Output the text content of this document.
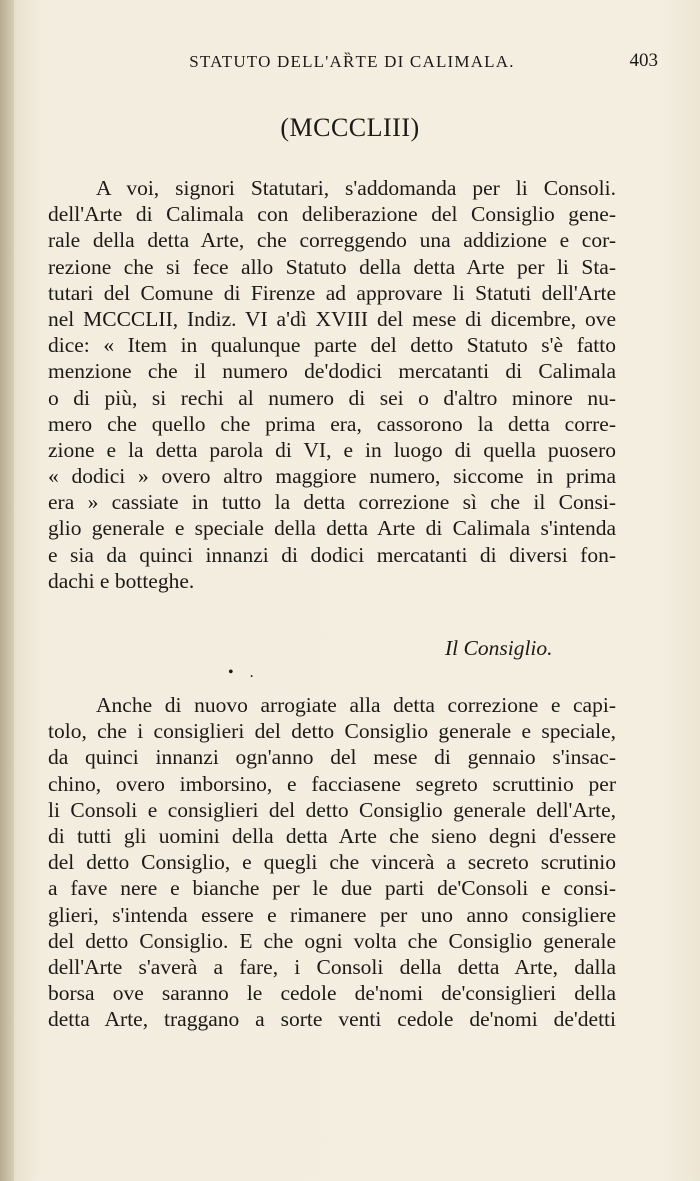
STATUTO DELL'AȐTE DI CALIMALA.	403
(MCCCLIII)
A voi, signori Statutari, s'addomanda per li Consoli.
dell'Arte di Calimala con deliberazione del Consiglio gene-
rale della detta Arte, che correggendo una addizione e cor-
rezione che si fece allo Statuto della detta Arte per li Sta-
tutari del Comune di Firenze ad approvare li Statuti dell'Arte
nel MCCCLII, Indiz. VI a'dì XVIII del mese di dicembre, ove
dice: « Item in qualunque parte del detto Statuto s'è fatto
menzione che il numero de'dodici mercatanti di Calimala
o di più, si rechi al numero di sei o d'altro minore nu-
mero che quello che prima era, cassorono la detta corre-
zione e la detta parola di VI, e in luogo di quella puosero
« dodici » overo altro maggiore numero, siccome in prima
era » cassiate in tutto la detta correzione sì che il Consi-
glio generale e speciale della detta Arte di Calimala s'intenda
e sia da quinci innanzi di dodici mercatanti di diversi fon-
dachi e botteghe.
Il Consiglio.
• .
Anche di nuovo arrogiate alla detta correzione e capi-
tolo, che i consiglieri del detto Consiglio generale e speciale,
da quinci innanzi ogn'anno del mese di gennaio s'insac-
chino, overo imborsino, e facciasene segreto scruttinio per
li Consoli e consiglieri del detto Consiglio generale dell'Arte,
di tutti gli uomini della detta Arte che sieno degni d'essere
del detto Consiglio, e quegli che vincerà a secreto scrutinio
a fave nere e bianche per le due parti de'Consoli e consi-
glieri, s'intenda essere e rimanere per uno anno consigliere
del detto Consiglio. E che ogni volta che Consiglio generale
dell'Arte s'averà a fare, i Consoli della detta Arte, dalla
borsa ove saranno le cedole de'nomi de'consiglieri della
detta Arte, traggano a sorte venti cedole de'nomi de'detti
